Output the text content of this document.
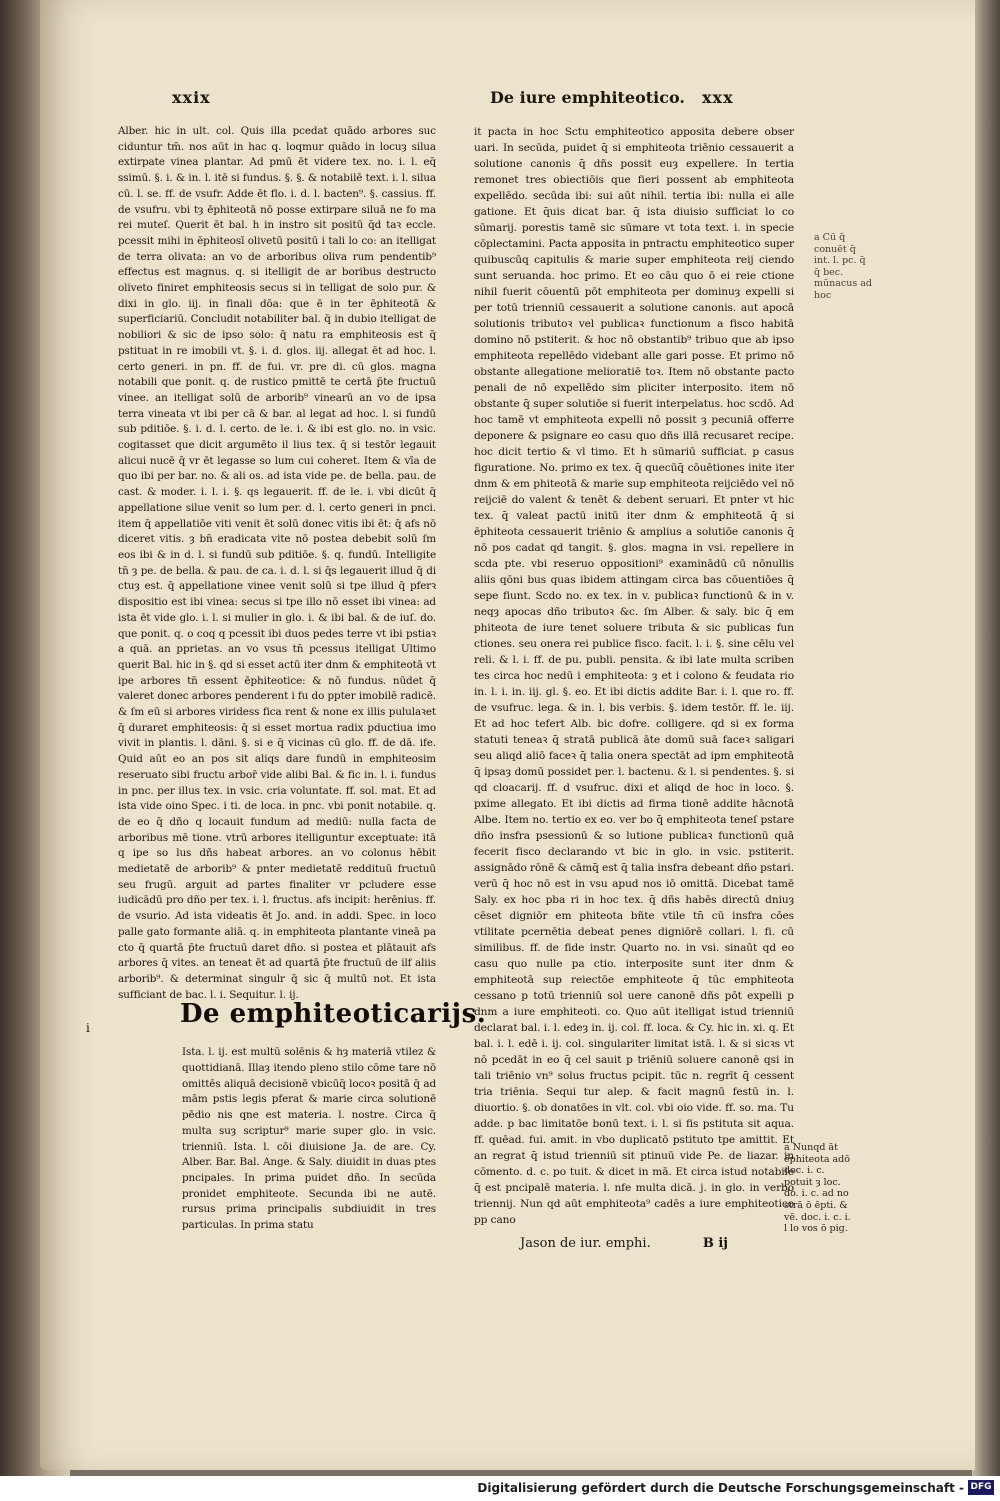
xxix	De iure emphiteotico. xxx

Alber. hic in ult. col. Quis illa pcedat quādo arbores suc ciduntur tm̄. nos aūt in hac q. loqmur quādo in locuȝ silua extirpate vinea plantar. Ad pmū ēt videre tex. no. i. l. eq̄ ssimū. §. i. & in. l. itē si fundus. §. §. & notabilē text. i. l. silua cū. l. se. ff. de vsufr. Adde ēt flo. i. d. l. bacten⁹. §. cassius. ff. de vsufru. vbi tȝ ēphiteotā nō posse extirpare siluā ne fo ma rei muteſ. Querit ēt bal. h in instro sit positū q̄d taꝛ eccle. pcessit mihi in ēphiteosī olivetū positū i tali lo co: an itelligat de terra olivata: an vo de arboribus oliva rum pendentib⁹ effectus est magnus. q. si itelligit de ar boribus destructo oliveto finiret emphiteosis secus si in telligat de solo pur. & dixi in glo. iij. in finali dōa: que ē in ter ēphiteotā & superficiariū. Concludit notabiliter bal. q̄ in dubio itelligat de nobiliori & sic de ipso solo: q̄ natu ra emphiteosis est q̄ pstituat in re imobili vt. §. i. d. glos. iij. allegat ēt ad hoc. l. certo generi. in pn. ff. de fui. vr. pre di. cū glos. magna notabili que ponit. q. de rustico pmittē te certā p̄te fructuū vinee. an itelligat solū de arborib⁹ vinearū an vo de ipsa terra vineata vt ibi per cā & bar. al legat ad hoc. l. si fundū sub pditiōe. §. i. d. l. certo. de le. i. & ibi est glo. no. in vsic. cogitasset que dicit argumēto il lius tex. q̄ si testōr legauit alicui nucē q̄ vr ēt legasse so lum cui coheret. Item & vīa de quo ibi per bar. no. & ali os. ad ista vide pe. de bella. pau. de cast. & moder. i. l. i. §. qs legauerit. ff. de le. i. vbi dicūt q̄ appellatione silue venit so lum per. d. l. certo generi in pnci. item q̄ appellatiōe viti venit ēt solū donec vitis ibi ēt: q̄ afs nō diceret vitis. ȝ bn̄ eradicata vite nō postea debebit solū ſm eos ibi & in d. l. si fundū sub pditiōe. §. q. fundū. Intelligite tn̄ ȝ pe. de bella. & pau. de ca. i. d. l. si q̄s legauerit illud q̄ di ctuȝ est. q̄ appellatione vinee venit solū si tpe illud q̄ pferꝛ dispositio est ibi vinea: secus si tpe illo nō esset ibi vinea: ad ista ēt vide glo. i. l. si mulier in glo. i. & ibi bal. & de iuſ. do. que ponit. q. o coq q pcessit ibi duos pedes terre vt ibi pstiaꝛ a quā. an pprietas. an vo vsus tn̄ pcessus itelligat Ultimo querit Bal. hic in §. qd si esset actū iter dnm & emphiteotā vt ipe arbores tn̄ essent ēphiteotice: & nō fundus. nūdet q̄ valeret donec arbores penderent i fu do ppter imobilē radicē. & ſm eū si arbores viridess fica rent & none ex illis pululaꝛet q̄ duraret emphiteosis: q̄ si esset mortua radix pductiua imo vivit in plantis. l. dāni. §. si e q̄ vicinas cū glo. ff. de dā. ife. Quid aūt eo an pos sit aliqs dare fundū in emphiteosim reseruato sibi fructu arbor̄ vide alibi Bal. & fic in. l. i. fundus in pnc. per illus tex. in vsic. cria voluntate. ff. sol. mat. Et ad ista vide oino Spec. i ti. de loca. in pnc. vbi ponit notabile. q. de eo q̄ dño q locauit fundum ad mediū: nulla facta de arboribus mē tione. vtrū arbores itelliguntur exceptuate: itā q ipe so lus dñs habeat arbores. an vo colonus hēbit medietatē de arborib⁹ & pnter medietatē reddituū fructuū seu frugū. arguit ad partes finaliter vr pcludere esse iudicādū pro dño per tex. i. l. fructus. afs incipit: herēnius. ff. de vsurio. Ad ista videatis ēt Jo. and. in addi. Spec. in loco palle gato formante aliā. q. in emphiteota plantante vineā pa cto q̄ quartā p̄te fructuū daret dño. si postea et plātauit afs arbores q̄ vites. an teneat ēt ad quartā p̄te fructuū de ilf aliis arborib⁹. & determinat singulr q̄ sic q̄ multū not. Et ista sufficiant de bac. l. i. Sequitur. l. ij.

i	De emphiteoticarijs.

Ista. l. ij. est multū solēnis & hȝ materiā vtilez & quottidianā. Illaȝ itendo pleno stilo cōme tare nō omittēs aliquā decisionē vbicūq̄ locoꝛ positā q̄ ad mām pstis legis pferat & marie circa solutionē pēdio nis qne est materia. l. nostre. Circa q̄ multa suȝ scriptur⁹ marie super glo. in vsic. trienniū. Ista. l. cōi diuisione Ja. de are. Cy. Alber. Bar. Bal. Ange. & Saly. diuidit in duas ptes pncipales. In prima puidet dño. In secūda pronidet emphiteote. Secunda ibi ne autē. rursus prima principalis subdiuidit in tres particulas. In prima statu

it pacta in hoc Sctu emphiteotico apposita debere obser uari. In secūda, puidet q̄ si emphiteota triēnio cessauerit a solutione canonis q̄ dñs possit euȝ expellere. In tertia remonet tres obiectiōis que fieri possent ab emphiteota expellēdo. secūda ibi: sui aūt nihil. tertia ibi: nulla ei alle gatione. Et q̄uis dicat bar. q̄ ista diuisio sufficiat lo co sūmarij. porestis tamē sic sūmare vt tota text. i. in specie cōplectamini. Pacta apposita in pntractu emphiteotico super quibuscūq capitulis & marie super emphiteota reij ciendo sunt seruanda. hoc primo. Et eo cāu quo ō ei reie ctione nihil fuerit cōuentū pōt emphiteota per dominuȝ expelli si per totū trienniū cessauerit a solutione canonis. aut apocā solutionis tributoꝛ vel publicaꝛ functionum a fisco habitā domino nō pstiterit. & hoc nō obstantib⁹ tribuo que ab ipso emphiteota repellēdo videbant alle gari posse. Et primo nō obstante allegatione melioratiē toꝛ. Item nō obstante pacto penali de nō expellēdo sim pliciter interposito. item nō obstante q̄ super solutiōe si fuerit interpelatus. hoc scdō. Ad hoc tamē vt emphiteota expelli nō possit ȝ pecuniā offerre deponere & psignare eo casu quo dñs illā recusaret recipe. hoc dicit tertio & vl timo. Et h sūmariū sufficiat. p casus figuratione. No. primo ex tex. q̄ quecūq̄ cōuētiones inite iter dnm & em phiteotā & marie sup emphiteota reijciēdo vel nō reijciē do valent & tenēt & debent seruari. Et pnter vt hic tex. q̄ valeat pactū initū iter dnm & emphiteotā q̄ si ēphiteota cessauerit triēnio & amplius a solutiōe canonis q̄ nō pos cadat qd tangit. §. glos. magna in vsi. repellere in scda pte. vbi reseruo oppositioni⁹ examinādū cū nōnullis aliis qōni bus quas ibidem attingam circa bas cōuentiōes q̄ sepe fiunt. Scdo no. ex tex. in v. publicaꝛ functionū & in v. neqȝ apocas dño tributoꝛ &c. ſm Alber. & saly. bic q̄ em phiteota de iure tenet soluere tributa & sic publicas fun ctiones. seu onera rei publice fisco. facit. l. i. §. sine cēlu vel reli. & l. i. ff. de pu. publi. pensita. & ibi late multa scriben tes circa hoc nedū i emphiteota: ȝ et i colono & feudata rio in. l. i. in. iij. gl. §. eo. Et ibi dictis addite Bar. i. l. que ro. ff. de vsufruc. lega. & in. l. bis verbis. §. idem testōr. ff. le. iij. Et ad hoc tefert Alb. bic dofre. colligere. qd si ex forma statuti teneaꝛ q̄ stratā publicā āte domū suā faceꝛ saligari seu aliqd aliō faceꝛ q̄ talia onera spectāt ad ipm emphiteotā q̄ ipsaȝ domū possidet per. l. bactenu. & l. si pendentes. §. si qd cloacarij. ff. d vsufruc. dixi et aliqd de hoc in loco. §. pxime allegato. Et ibi dictis ad firma tionē addite hācnotā Albe. Item no. tertio ex eo. ver bo q̄ emphiteota teneſ pstare dño insfra psessionū & so lutione publicaꝛ functionū quā fecerit fisco declarando vt bic in glo. in vsic. pstiterit. assignādo rōnē & cāmq̄ est q̄ talia insfra debeant dño pstari. verū q̄ hoc nō est in vsu apud nos iō omittā. Dicebat tamē Saly. ex hoc pba ri in hoc tex. q̄ dñs habēs directū dniuȝ cēset digniōr em phiteota bñte vtile tn̄ cū insfra cōes vtilitate pcernētia debeat penes digniōrē collari. l. fi. cū similibus. ff. de fide instr. Quarto no. in vsi. sinaūt qd eo casu quo nulle pa ctio. interposite sunt iter dnm & emphiteotā sup reiectōe emphiteote q̄ tūc emphiteota cessano p totū trienniū sol uere canonē dñs pōt expelli p dnm a iure emphiteoti. co. Quo aūt itelligat istud trienniū declarat bal. i. l. edeȝ in. ij. col. ff. loca. & Cy. hic in. xi. q. Et bal. i. l. edē i. ij. col. singulariter limitat istā. l. & si sicꝛs vt nō pcedāt in eo q̄ cel sauit p triēniū soluere canonē qsi in tali triēnio vn⁹ solus fructus pcipit. tūc n. regrīt q̄ cessent tria triēnia. Sequi tur alep. & facit magnū festū in. l. diuortio. §. ob donatōes in vlt. col. vbi oio vide. ff. so. ma. Tu adde. p bac limitatōe bonū text. i. l. si fis pstituta sit aqua. ff. quēad. fui. amit. in vbo duplicatō pstituto tpe amittit. Et an regrat q̄ istud trienniū sit ptinuū vide Pe. de liazar. in cōmento. d. c. po tuit. & dicet in mā. Et circa istud notabile q̄ est pncipalē materia. l. nfe multa dicā. j. in glo. in verbo triennij. Nun qd aūt emphiteota⁹ cadēs a iure emphiteotico pp cano

Jason de iur. emphi.	B ij
a Cū q̄ conuēt q̄ int. l. pc. q̄ q̄ bec. mūnacus ad hoc
a Nunqd āt ēphiteota adō doc. i. c. potuit ȝ loc. do. i. c. ad no strā ō ēpti. & vē. doc. i. c. i. l lo vos ō pig.
Digitalisierung gefördert durch die Deutsche Forschungsgemeinschaft - DFG
